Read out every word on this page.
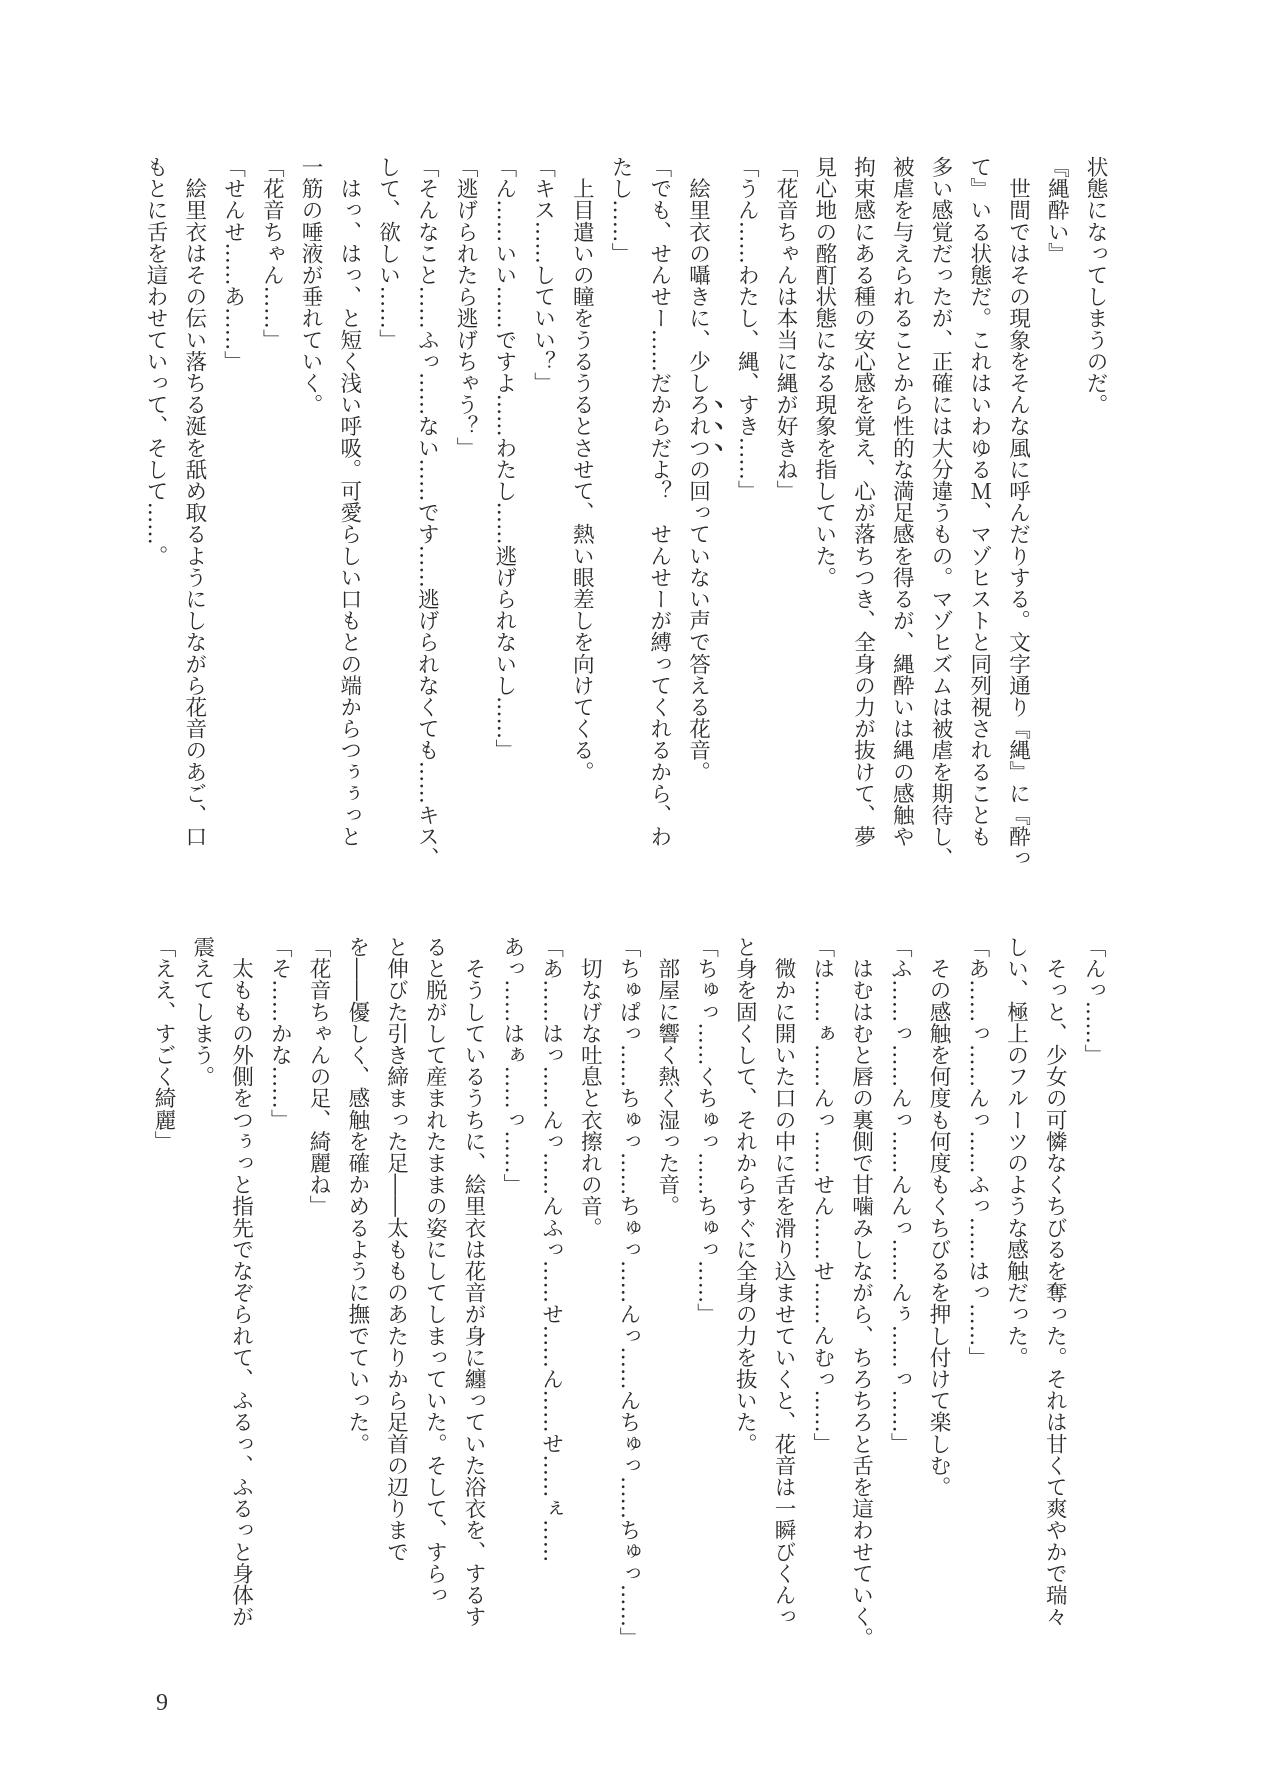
状態になってしまうのだ。
『縄酔い』
　世間ではその現象をそんな風に呼んだりする。文字通り『縄』に『酔っ
て』いる状態だ。これはいわゆるＭ、マゾヒストと同列視されることも
多い感覚だったが、正確には大分違うもの。マゾヒズムは被虐を期待し、
被虐を与えられることから性的な満足感を得るが、縄酔いは縄の感触や
拘束感にある種の安心感を覚え、心が落ちつき、全身の力が抜けて、夢
見心地の酩酊状態になる現象を指していた。
「花音ちゃんは本当に縄が好きね」
「うん……わたし、縄、すき……」
　絵里衣の囁きに、少しろれつの回っていない声で答える花音。
「でも、せんせー……だからだよ？　せんせーが縛ってくれるから、わ
たし……」
　上目遣いの瞳をうるうるとさせて、熱い眼差しを向けてくる。
「キス……していい？」
「ん……いい……ですよ……わたし……逃げられないし……」
「逃げられたら逃げちゃう？」
「そんなこと……ふっ……ない……です……逃げられなくても……キス、
して、欲しい……」
　はっ、はっ、と短く浅い呼吸。可愛らしい口もとの端からつぅぅっと
一筋の唾液が垂れていく。
「花音ちゃん……」
「せんせ……あ……」
　絵里衣はその伝い落ちる涎を舐め取るようにしながら花音のあご、口
もとに舌を這わせていって、そして……。
「んっ……」
　そっと、少女の可憐なくちびるを奪った。それは甘くて爽やかで瑞々
しい、極上のフルーツのような感触だった。
「あ……っ……んっ……ふっ……はっ……」
　その感触を何度も何度もくちびるを押し付けて楽しむ。
「ふ……っ……んっ……んんっ……んぅ……っ……」
　はむはむと唇の裏側で甘噛みしながら、ちろちろと舌を這わせていく。
「は……ぁ……んっ……せん……せ……んむっ……」
　微かに開いた口の中に舌を滑り込ませていくと、花音は一瞬びくんっ
と身を固くして、それからすぐに全身の力を抜いた。
「ちゅっ……くちゅっ……ちゅっ……」
　部屋に響く熱く湿った音。
「ちゅぱっ……ちゅっ……ちゅっ……んっ……んちゅっ……ちゅっ……」
　切なげな吐息と衣擦れの音。
「あ……はっ……んっ……んふっ……せ……ん……せ……ぇ……
あっ……はぁ……っ……」
　そうしているうちに、絵里衣は花音が身に纏っていた浴衣を、するす
ると脱がして産まれたままの姿にしてしまっていた。そして、すらっ
と伸びた引き締まった足――太もものあたりから足首の辺りまで
を――優しく、感触を確かめるように撫でていった。
「花音ちゃんの足、綺麗ね」
「そ……かな……」
　太ももの外側をつぅっと指先でなぞられて、ふるっ、ふるっと身体が
震えてしまう。
「ええ、すごく綺麗」
9
